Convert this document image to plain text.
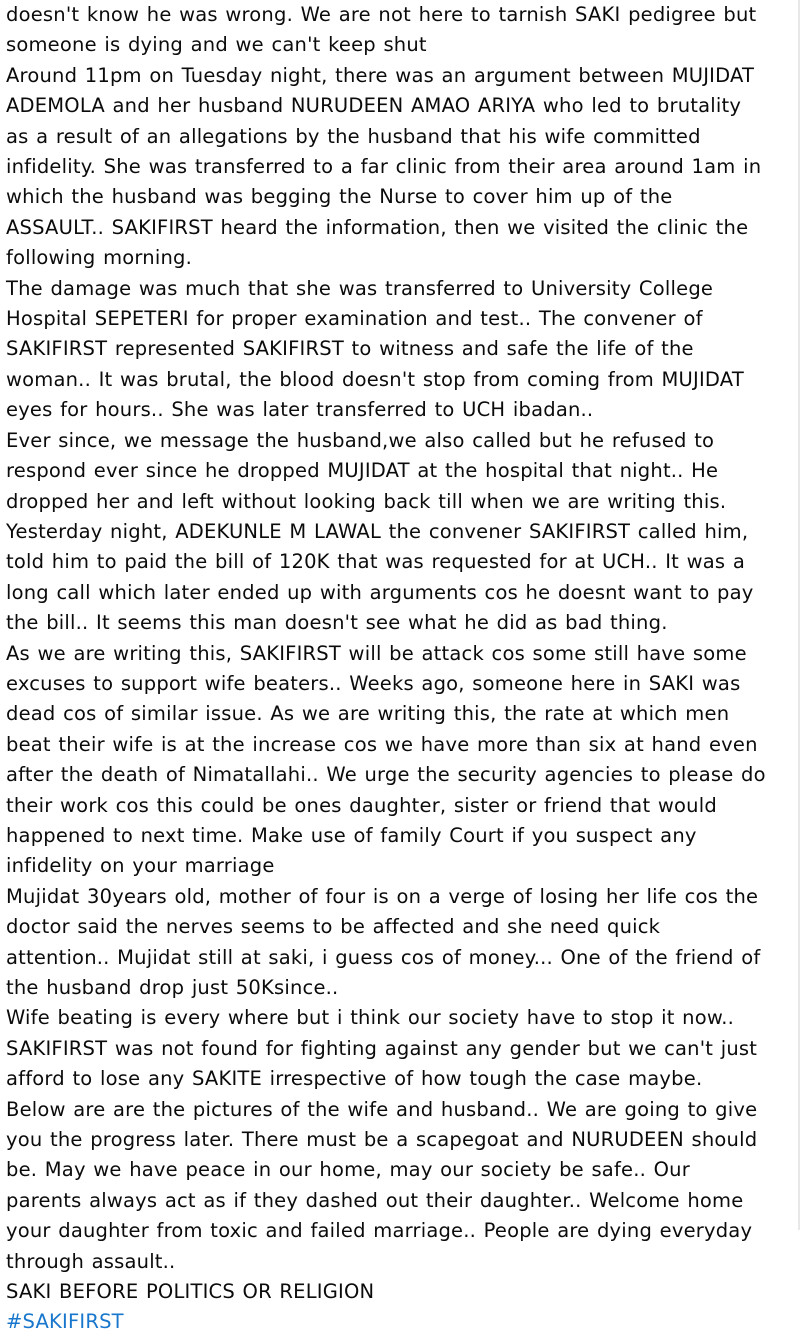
doesn't know he was wrong. We are not here to tarnish SAKI pedigree but someone is dying and we can't keep shut

Around 11pm on Tuesday night, there was an argument between MUJIDAT ADEMOLA and her husband NURUDEEN AMAO ARIYA who led to brutality as a result of an allegations by the husband that his wife committed infidelity. She was transferred to a far clinic from their area around 1am in which the husband was begging the Nurse to cover him up of the ASSAULT.. SAKIFIRST heard the information, then we visited the clinic the following morning.

The damage was much that she was transferred to University College Hospital SEPETERI for proper examination and test.. The convener of SAKIFIRST represented SAKIFIRST to witness and safe the life of the woman.. It was brutal, the blood doesn't stop from coming from MUJIDAT eyes for hours.. She was later transferred to UCH ibadan..

Ever since, we message the husband,we also called but he refused to respond ever since he dropped MUJIDAT at the hospital that night.. He dropped her and left without looking back till when we are writing this. Yesterday night, ADEKUNLE M LAWAL the convener SAKIFIRST called him, told him to paid the bill of 120K that was requested for at UCH.. It was a long call which later ended up with arguments cos he doesnt want to pay the bill.. It seems this man doesn't see what he did as bad thing.

As we are writing this, SAKIFIRST will be attack cos some still have some excuses to support wife beaters.. Weeks ago, someone here in SAKI was dead cos of similar issue. As we are writing this, the rate at which men beat their wife is at the increase cos we have more than six at hand even after the death of Nimatallahi.. We urge the security agencies to please do their work cos this could be ones daughter, sister or friend that would happened to next time. Make use of family Court if you suspect any infidelity on your marriage

Mujidat 30years old, mother of four is on a verge of losing her life cos the doctor said the nerves seems to be affected and she need quick attention.. Mujidat still at saki, i guess cos of money... One of the friend of the husband drop just 50Ksince..

Wife beating is every where but i think our society have to stop it now.. SAKIFIRST was not found for fighting against any gender but we can't just afford to lose any SAKITE irrespective of how tough the case maybe.

Below are are the pictures of the wife and husband.. We are going to give you the progress later. There must be a scapegoat and NURUDEEN should be. May we have peace in our home, may our society be safe.. Our parents always act as if they dashed out their daughter.. Welcome home your daughter from toxic and failed marriage.. People are dying everyday through assault..

SAKI BEFORE POLITICS OR RELIGION

#SAKIFIRST
